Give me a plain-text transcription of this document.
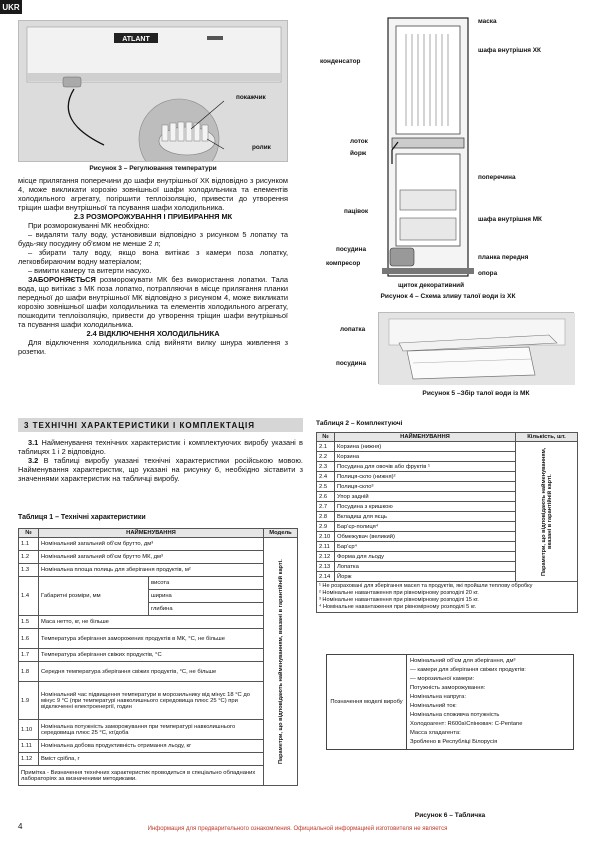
UKR
ATLANT
покажчик
ролик
Рисунок 3 – Регулювання температури

місце прилягання поперечини до шафи внутрішньої ХК відповідно з рисунком 4, може викликати корозію зовнішньої шафи холодильника та елементів холодильного агрегату, погіршити теплоізоляцію, привести до утворення тріщин шафи внутрішньої та псування шафи холодильника.

2.3 РОЗМОРОЖУВАННЯ І ПРИБИРАННЯ МК

При розморожуванні МК необхідно:

– видаляти талу воду, установивши відповідно з рисунком 5 лопатку та будь-яку посудину об'ємом не менше 2 л;

– збирати талу воду, якщо вона витікає з камери поза лопатку, легковбираючим водну матеріалом;

– вимити камеру та витерти насухо.

ЗАБОРОНЯЄТЬСЯ розморожувати МК без використання лопатки. Тала вода, що витікає з МК поза лопатко, потрапляючи в місце прилягання планки передньої до шафи внутрішньої МК відповідно з рисунком 4, може викликати корозію зовнішньої шафи холодильника та елементів холодильного агрегату, пошкодити теплоізоляцію, привести до утворення тріщин шафи внутрішньої та псування шафи холодильника.

2.4 ВІДКЛЮЧЕННЯ ХОЛОДИЛЬНИКА

Для відключення холодильника слід вийняти вилку шнура живлення з розетки.

3 ТЕХНІЧНІ ХАРАКТЕРИСТИКИ І КОМПЛЕКТАЦІЯ

3.1 Найменування технічних характеристик і комплектуючих виробу указані в таблицях 1 і 2 відповідно.

3.2 В таблиці виробу указані технічні характеристики російською мовою. Найменування характеристик, що указані на рисунку 6, необхідно зіставити з значеннями характеристик на табличці виробу.

Таблиця 1 – Технічні характеристики
№	НАЙМЕНУВАННЯ		Модель
1.1	Номінальний загальний об'єм брутто, дм³		Параметри, що відповідають найменуванням, вказані в гарантійній карті.

1.2	Номінальний загальний об'єм брутто МК, дм³		
1.3	Номінальна площа полиць для зберігання продуктів, м²		
1.4	Габаритні розміри, мм	висота	
		ширина	
		глибина	
1.5	Маса нетто, кг, не більше		
1.6	Температура зберігання заморожених продуктів в МК, °С, не більше		
1.7	Температура зберігання свіжих продуктів, °С		
1.8	Середня температура зберігання свіжих продуктів, °С, не більше		
1.9	Номінальний час підвищення температури в морозильнику від мінус 18 °С до мінус 9 °С (при температурі навколишнього середовища плюс 25 °С) при відключенні електроенергії, годин		
1.10	Номінальна потужність заморожування при температурі навколишнього середовища плюс 25 °С, кг/доба		
1.11	Номінальна добова продуктивність отримання льоду, кг		
1.12	Вміст срібла, г		
Примітка - Визначення технічних характеристик проводиться в спеціально обладнаних лабораторіях за визначеними методиками.			
маска
шафа внутрішня ХК
конденсатор
лоток
йорж
поперечина
пацівок
шафа внутрішня МК
посудина
планка передня
компресор
опора
щиток декоративний
Рисунок 4 – Схема зливу талої води із ХК
лопатка
посудина
Рисунок 5 –Збір талої води із МК
Таблиця 2 – Комплектуючі
№	НАЙМЕНУВАННЯ	Кількість, шт.
2.1	Корзина (нижня)	Параметри, що відповідають найменуванням, вказані в гарантійній карті.

2.2	Корзина	
2.3	Посудина для овочів або фруктів ¹	
2.4	Полиця-скло (нижня)²	
2.5	Полиця-скло³	
2.6	Упор задній	
2.7	Посудина з кришкою	
2.8	Вкладиш для яєць	
2.9	Бар'єр-полиця⁴	
2.10	Обмежувач (великий)	
2.11	Бар'єр⁴	
2.12	Форма для льоду	
2.13	Лопатка	
2.14	Йорж	

¹ Не розраховані для зберігання масел та продуктів, які пройшли теплову обробку
² Номінальне навантаження при рівномірному розподілі 20 кг.
³ Номінальне навантаження при рівномірному розподілі 15 кг.
⁴ Номінальне навантаження при рівномірному розподілі 5 кг.		
Позначення моделі виробу	
Номінальний об'єм для зберігання, дм³
— камери для зберігання свіжих продуктів:
— морозильної камери:
Потужність заморожування:
Номінальна напруга:
Номінальний ток:
Номінальна споживча потужність
Холодоагент: R600a\Спінювач: C-Pentane
Масса хладагента:
Зроблено в Республіці Білорусія
Рисунок 6 – Табличка
4	Информация для предварительного ознакомления. Официальной информацией изготовителя не является
